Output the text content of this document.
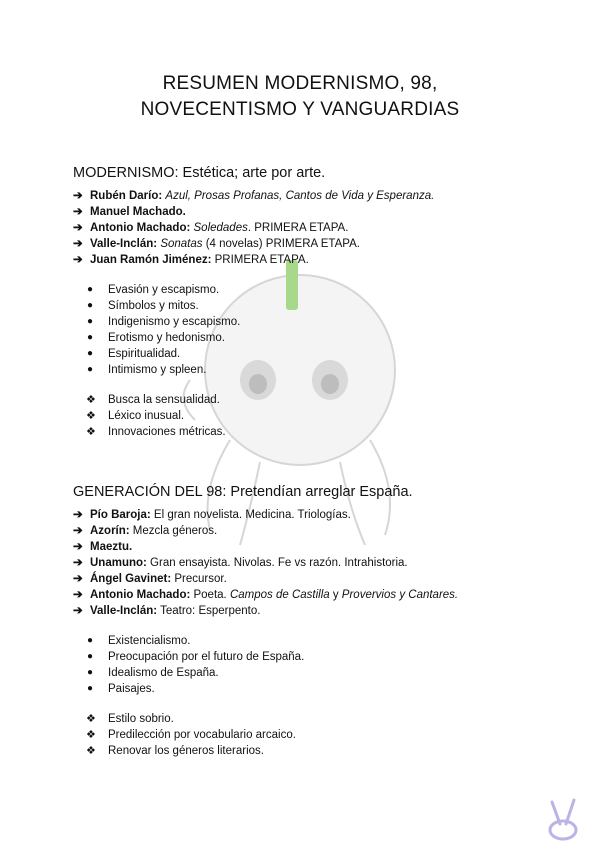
RESUMEN MODERNISMO, 98,
NOVECENTISMO Y VANGUARDIAS
MODERNISMO: Estética; arte por arte.
➔ Rubén Darío: Azul, Prosas Profanas, Cantos de Vida y Esperanza.
➔ Manuel Machado.
➔ Antonio Machado: Soledades. PRIMERA ETAPA.
➔ Valle-Inclán: Sonatas (4 novelas) PRIMERA ETAPA.
➔ Juan Ramón Jiménez: PRIMERA ETAPA.
● Evasión y escapismo.
● Símbolos y mitos.
● Indigenismo y escapismo.
● Erotismo y hedonismo.
● Espiritualidad.
● Intimismo y spleen.
❖ Busca la sensualidad.
❖ Léxico inusual.
❖ Innovaciones métricas.
GENERACIÓN DEL 98: Pretendían arreglar España.
➔ Pío Baroja: El gran novelista. Medicina. Triologías.
➔ Azorín: Mezcla géneros.
➔ Maeztu.
➔ Unamuno: Gran ensayista. Nivolas. Fe vs razón. Intrahistoria.
➔ Ángel Gavinet: Precursor.
➔ Antonio Machado: Poeta. Campos de Castilla y Provervios y Cantares.
➔ Valle-Inclán: Teatro: Esperpento.
● Existencialismo.
● Preocupación por el futuro de España.
● Idealismo de España.
● Paisajes.
❖ Estilo sobrio.
❖ Predilección por vocabulario arcaico.
❖ Renovar los géneros literarios.
